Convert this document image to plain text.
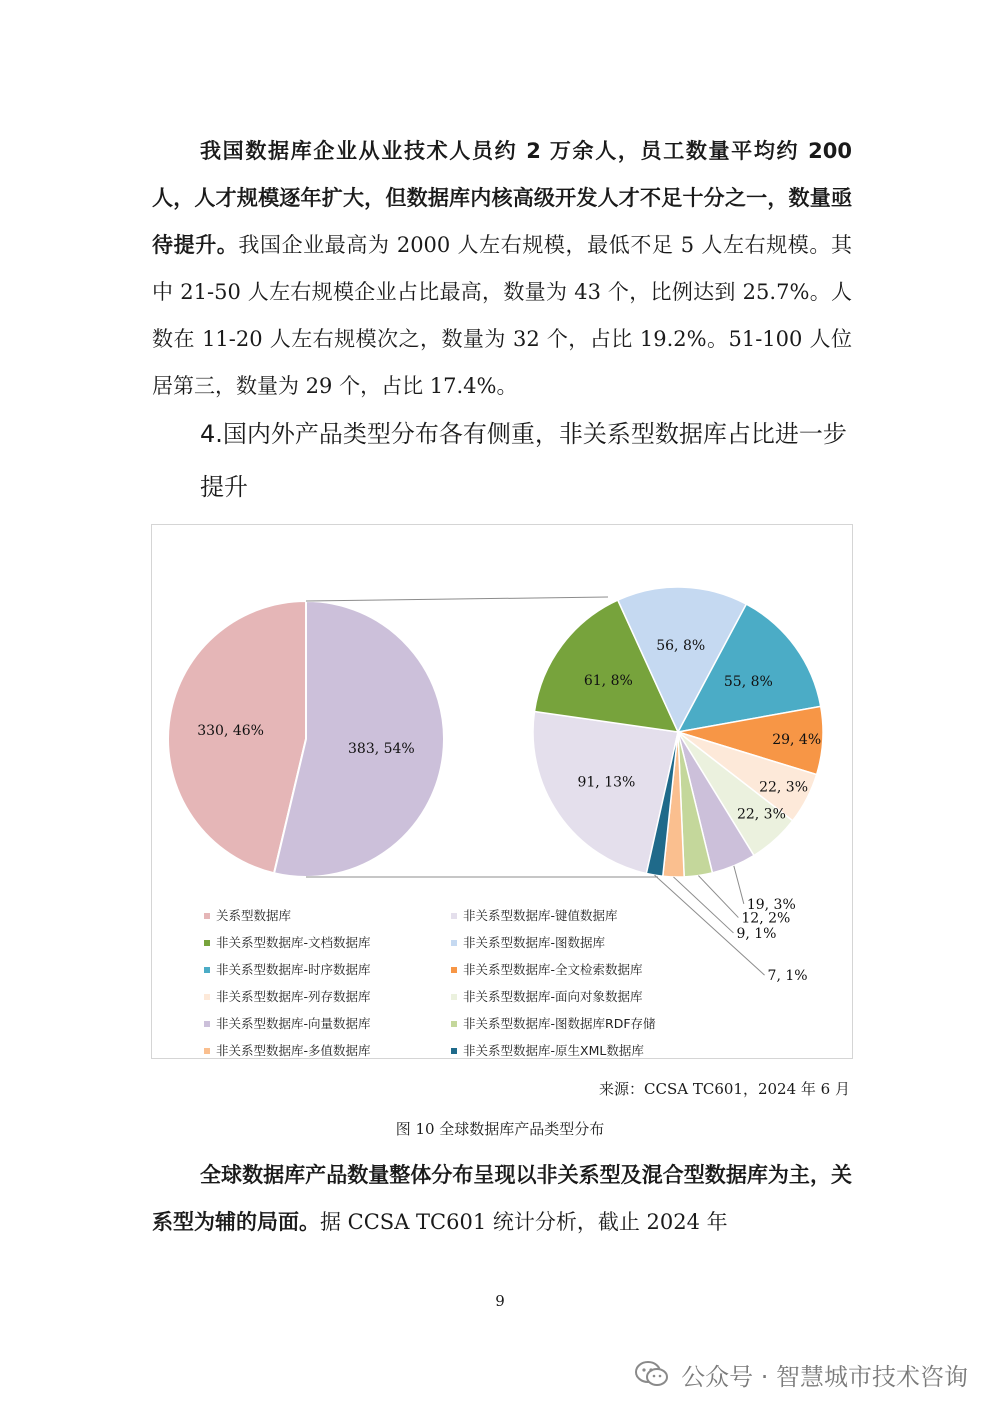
我国数据库企业从业技术人员约 2 万余人，员工数量平均约 200 人，人才规模逐年扩大，但数据库内核高级开发人才不足十分之一，数量亟待提升。我国企业最高为 2000 人左右规模，最低不足 5 人左右规模。其中 21-50 人左右规模企业占比最高，数量为 43 个，比例达到 25.7%。人数在 11-20 人左右规模次之，数量为 32 个，占比 19.2%。51-100 人位居第三，数量为 29 个，占比 17.4%。
4.国内外产品类型分布各有侧重，非关系型数据库占比进一步提升
330, 46%
383, 54%
91, 13%
61, 8%
56, 8%
55, 8%
29, 4%
22, 3%
22, 3%
19, 3%
12, 2%
9, 1%
7, 1%
关系型数据库	非关系型数据库-键值数据库
非关系型数据库-文档数据库	非关系型数据库-图数据库
非关系型数据库-时序数据库	非关系型数据库-全文检索数据库
非关系型数据库-列存数据库	非关系型数据库-面向对象数据库
非关系型数据库-向量数据库	非关系型数据库-图数据库RDF存储
非关系型数据库-多值数据库	非关系型数据库-原生XML数据库
来源：CCSA TC601，2024 年 6 月
图 10 全球数据库产品类型分布
全球数据库产品数量整体分布呈现以非关系型及混合型数据库为主，关系型为辅的局面。据 CCSA TC601 统计分析，截止 2024 年
9
公众号 · 智慧城市技术咨询
